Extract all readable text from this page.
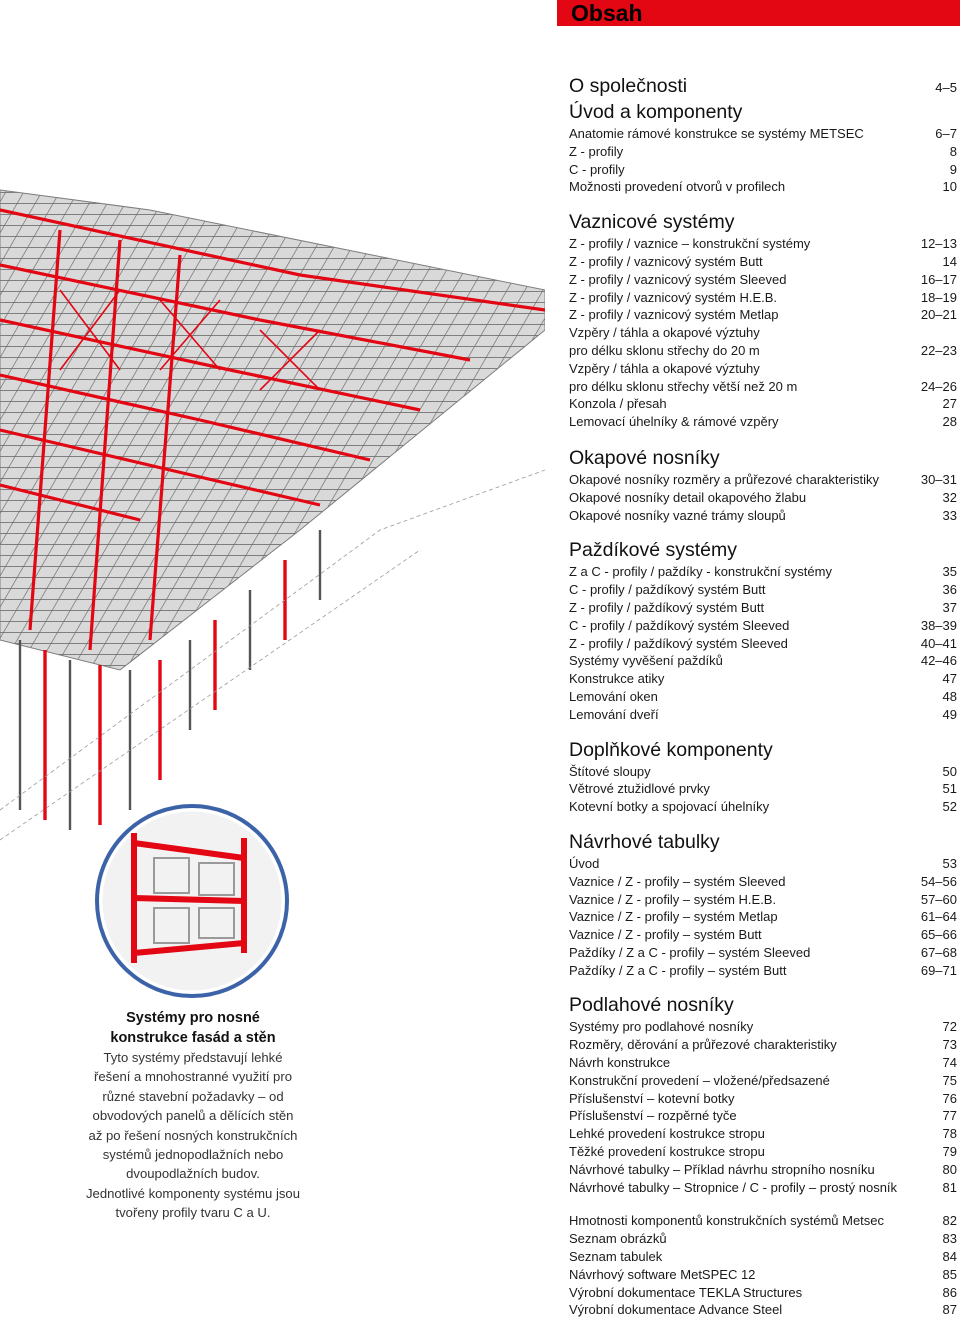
Obsah
Systémy pro nosné
konstrukce fasád a stěn
Tyto systémy představují lehké
řešení a mnohostranné využití pro
různé stavební požadavky – od
obvodových panelů a dělících stěn
až po řešení nosných konstrukčních
systémů jednopodlažních nebo
dvoupodlažních budov.
Jednotlivé komponenty systému jsou
tvořeny profily tvaru C a U.
O společnosti	4–5
Úvod a komponenty
Anatomie rámové konstrukce se systémy METSEC	6–7
Z - profily	8
C - profily	9
Možnosti provedení otvorů v profilech	10
Vaznicové systémy
Z - profily / vaznice – konstrukční systémy	12–13
Z - profily / vaznicový systém Butt	14
Z - profily / vaznicový systém Sleeved	16–17
Z - profily / vaznicový systém H.E.B.	18–19
Z - profily / vaznicový systém Metlap	20–21
Vzpěry / táhla a okapové výztuhy
pro délku sklonu střechy do 20 m	22–23
Vzpěry / táhla a okapové výztuhy
pro délku sklonu střechy větší než 20 m	24–26
Konzola / přesah	27
Lemovací úhelníky & rámové vzpěry	28
Okapové nosníky
Okapové nosníky rozměry a průřezové charakteristiky	30–31
Okapové nosníky detail okapového žlabu	32
Okapové nosníky vazné trámy sloupů	33
Paždíkové systémy
Z a C - profily / paždíky - konstrukční systémy	35
C - profily / paždíkový systém Butt	36
Z - profily / paždíkový systém Butt	37
C - profily / paždíkový systém Sleeved	38–39
Z - profily / paždíkový systém Sleeved	40–41
Systémy vyvěšení paždíků	42–46
Konstrukce atiky	47
Lemování oken	48
Lemování dveří	49
Doplňkové komponenty
Štítové sloupy	50
Větrové ztužidlové prvky	51
Kotevní botky a spojovací úhelníky	52
Návrhové tabulky
Úvod	53
Vaznice / Z - profily – systém Sleeved	54–56
Vaznice / Z - profily – systém H.E.B.	57–60
Vaznice / Z - profily – systém Metlap	61–64
Vaznice / Z - profily – systém Butt	65–66
Paždíky / Z a C - profily – systém Sleeved	67–68
Paždíky / Z a C - profily – systém Butt	69–71
Podlahové nosníky
Systémy pro podlahové nosníky	72
Rozměry, děrování a průřezové charakteristiky	73
Návrh konstrukce	74
Konstrukční provedení – vložené/předsazené	75
Příslušenství – kotevní botky	76
Příslušenství – rozpěrné tyče	77
Lehké provedení kostrukce stropu	78
Těžké provedení kostrukce stropu	79
Návrhové tabulky – Příklad návrhu stropního nosníku	80
Návrhové tabulky – Stropnice / C - profily – prostý nosník	81
Hmotnosti komponentů konstrukčních systémů Metsec	82
Seznam obrázků	83
Seznam tabulek	84
Návrhový software MetSPEC 12	85
Výrobní dokumentace TEKLA Structures	86
Výrobní dokumentace Advance Steel	87
